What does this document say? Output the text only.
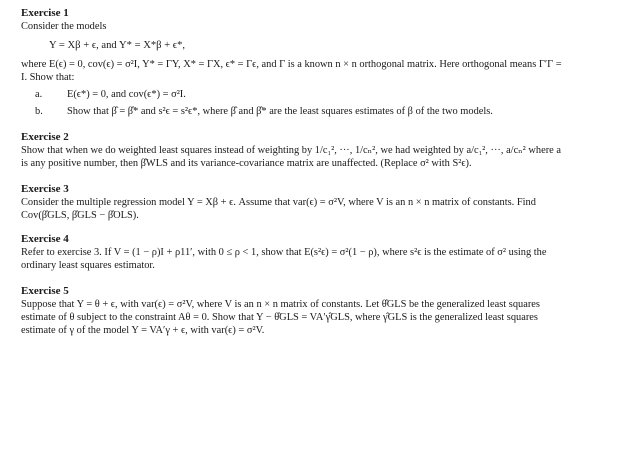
Exercise 1

Consider the models

Y = Xβ + ϵ, and Y* = X*β + ϵ*,

where E(ϵ) = 0, cov(ϵ) = σ²I, Y* = ΓY, X* = ΓX, ϵ* = Γϵ, and Γ is a known n × n orthogonal matrix. Here orthogonal means Γ′Γ = I. Show that:

a.	E(ϵ*) = 0, and cov(ϵ*) = σ²I.
b.	Show that β̂ = β̂* and s²ϵ = s²ϵ*, where β̂ and β̂* are the least squares estimates of β of the two models.
Exercise 2

Show that when we do weighted least squares instead of weighting by 1/c₁², ···, 1/cₙ², we had weighted by a/c₁², ···, a/cₙ² where a is any positive number, then β̂WLS and its variance-covariance matrix are unaffected. (Replace σ² with S²ϵ).

Exercise 3

Consider the multiple regression model Y = Xβ + ϵ. Assume that var(ϵ) = σ²V, where V is an n × n matrix of constants. Find Cov(β̂GLS, β̂GLS − β̂OLS).

Exercise 4

Refer to exercise 3. If V = (1 − ρ)I + ρ11′, with 0 ≤ ρ < 1, show that E(s²ϵ) = σ²(1 − ρ), where s²ϵ is the estimate of σ² using the ordinary least squares estimator.

Exercise 5

Suppose that Y = θ + ϵ, with var(ϵ) = σ²V, where V is an n × n matrix of constants. Let θ̂GLS be the generalized least squares estimate of θ subject to the constraint Aθ = 0. Show that Y − θ̂GLS = VA′γ̂GLS, where γ̂GLS is the generalized least squares estimate of γ of the model Y = VA′γ + ϵ, with var(ϵ) = σ²V.
